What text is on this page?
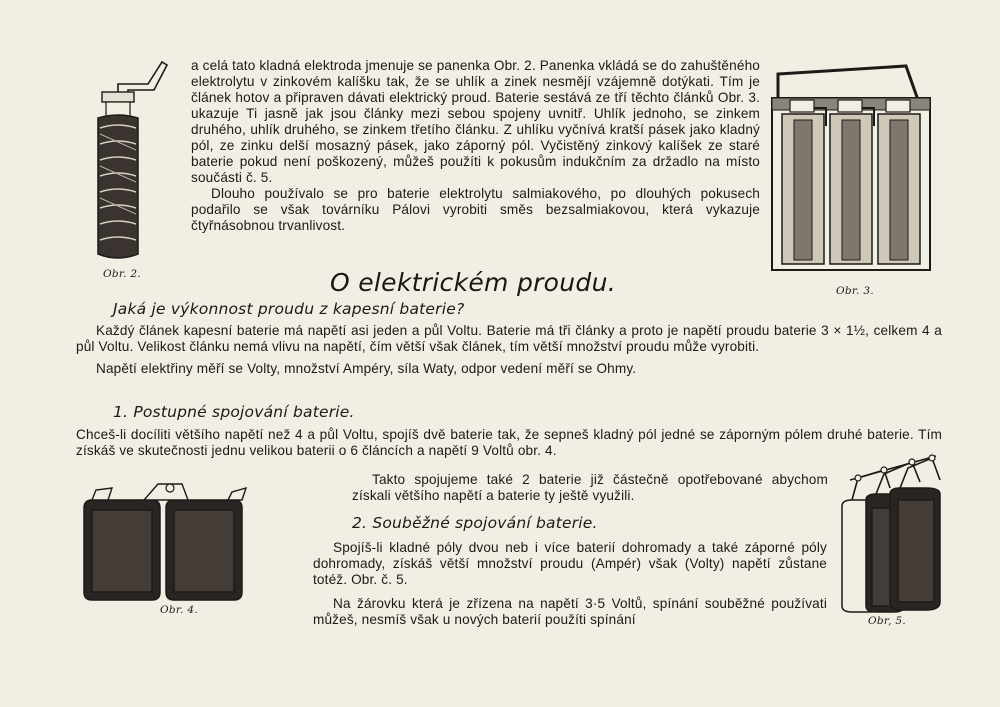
Obr. 2.

a celá tato kladná elektroda jmenuje se panenka Obr. 2. Panenka vkládá se do zahuštěného elektrolytu v zinkovém kalíšku tak, že se uhlík a zinek nesmějí vzájemně dotýkati. Tím je článek hotov a připraven dávati elektrický proud. Baterie sestává ze tří těchto článků Obr. 3. ukazuje Ti jasně jak jsou články mezi sebou spojeny uvnitř. Uhlík jednoho, se zinkem druhého, uhlík druhého, se zinkem třetího článku. Z uhlíku vyčnívá kratší pásek jako kladný pól, ze zinku delší mosazný pásek, jako záporný pól. Vyčistěný zinkový kalíšek ze staré baterie pokud není poškozený, můžeš použíti k pokusům indukčním za držadlo na místo součásti č. 5.

Dlouho používalo se pro baterie elektrolytu salmiakového, po dlouhých pokusech podařilo se však továrníku Pálovi vyrobiti směs bezsalmiakovou, která vykazuje čtyřnásobnou trvanlivost.

Obr. 3.

O elektrickém proudu.
Jaká je výkonnost proudu z kapesní baterie?

Každý článek kapesní baterie má napětí asi jeden a půl Voltu. Baterie má tři články a proto je napětí proudu baterie 3 × 1½, celkem 4 a půl Voltu. Velikost článku nemá vlivu na napětí, čím větší však článek, tím větší množství proudu může vyrobiti.

Napětí elektřiny měří se Volty, množství Ampéry, síla Waty, odpor vedení měří se Ohmy.

1. Postupné spojování baterie.

Chceš-li docíliti většího napětí než 4 a půl Voltu, spojíš dvě baterie tak, že sepneš kladný pól jedné se záporným pólem druhé baterie. Tím získáš ve skutečnosti jednu velikou baterii o 6 článcích a napětí 9 Voltů obr. 4.

Obr. 4.

Takto spojujeme také 2 baterie již částečně opotřebované abychom získali většího napětí a baterie ty ještě využili.

2. Souběžné spojování baterie.

Spojíš-li kladné póly dvou neb i více baterií dohromady a také záporné póly dohromady, získáš větší množství proudu (Ampér) však (Volty) napětí zůstane totéž. Obr. č. 5.

Na žárovku která je zřízena na napětí 3·5 Voltů, spínání souběžné používati můžeš, nesmíš však u nových baterií použíti spínání	Obr, 5.
